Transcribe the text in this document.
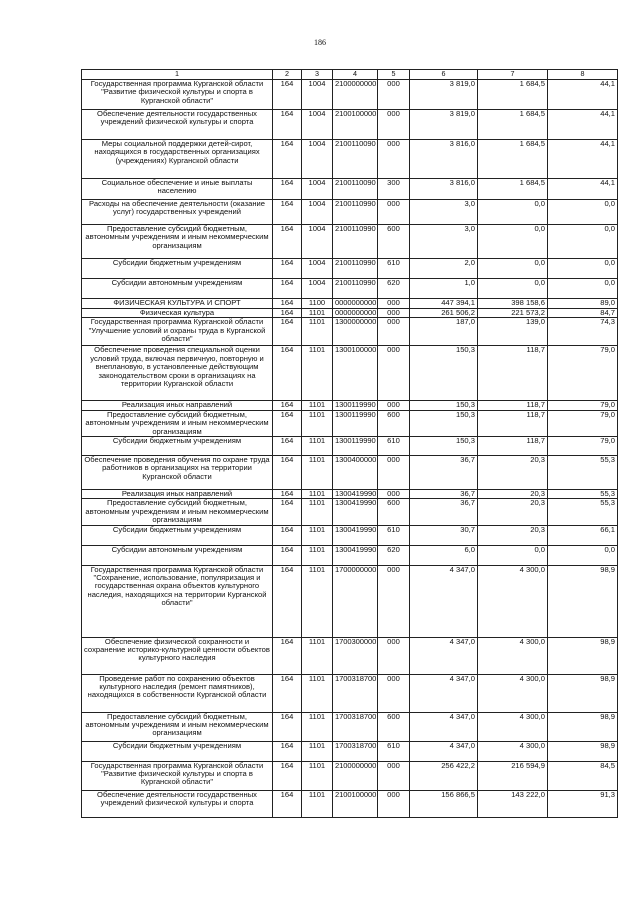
186
1	2	3	4	5	6	7	8
Государственная программа Курганской области "Развитие физической культуры и спорта в Курганской области"	164	1004	2100000000	000	3 819,0	1 684,5	44,1
Обеспечение деятельности государственных учреждений физической культуры и спорта	164	1004	2100100000	000	3 819,0	1 684,5	44,1
Меры социальной поддержки детей-сирот, находящихся в государственных организациях (учреждениях) Курганской области	164	1004	2100110090	000	3 816,0	1 684,5	44,1
Социальное обеспечение и иные выплаты населению	164	1004	2100110090	300	3 816,0	1 684,5	44,1
Расходы на обеспечение деятельности (оказание услуг) государственных учреждений	164	1004	2100110990	000	3,0	0,0	0,0
Предоставление субсидий бюджетным, автономным учреждениям и иным некоммерческим организациям	164	1004	2100110990	600	3,0	0,0	0,0
Субсидии бюджетным учреждениям	164	1004	2100110990	610	2,0	0,0	0,0
Субсидии автономным учреждениям	164	1004	2100110990	620	1,0	0,0	0,0
ФИЗИЧЕСКАЯ КУЛЬТУРА И СПОРТ	164	1100	0000000000	000	447 394,1	398 158,6	89,0
Физическая культура	164	1101	0000000000	000	261 506,2	221 573,2	84,7
Государственная программа Курганской области "Улучшение условий и охраны труда в Курганской области"	164	1101	1300000000	000	187,0	139,0	74,3
Обеспечение проведения специальной оценки условий труда, включая первичную, повторную и внеплановую, в установленные действующим законодательством сроки в организациях на территории Курганской области	164	1101	1300100000	000	150,3	118,7	79,0
Реализация иных направлений	164	1101	1300119990	000	150,3	118,7	79,0
Предоставление субсидий бюджетным, автономным учреждениям и иным некоммерческим организациям	164	1101	1300119990	600	150,3	118,7	79,0
Субсидии бюджетным учреждениям	164	1101	1300119990	610	150,3	118,7	79,0
Обеспечение проведения обучения по охране труда работников в организациях на территории Курганской области	164	1101	1300400000	000	36,7	20,3	55,3
Реализация иных направлений	164	1101	1300419990	000	36,7	20,3	55,3
Предоставление субсидий бюджетным, автономным учреждениям и иным некоммерческим организациям	164	1101	1300419990	600	36,7	20,3	55,3
Субсидии бюджетным учреждениям	164	1101	1300419990	610	30,7	20,3	66,1
Субсидии автономным учреждениям	164	1101	1300419990	620	6,0	0,0	0,0
Государственная программа Курганской области "Сохранение, использование, популяризация и государственная охрана объектов культурного наследия, находящихся на территории Курганской области"	164	1101	1700000000	000	4 347,0	4 300,0	98,9
Обеспечение физической сохранности и сохранение историко-культурной ценности объектов культурного наследия	164	1101	1700300000	000	4 347,0	4 300,0	98,9
Проведение работ по сохранению объектов культурного наследия (ремонт памятников), находящихся в собственности Курганской области	164	1101	1700318700	000	4 347,0	4 300,0	98,9
Предоставление субсидий бюджетным, автономным учреждениям и иным некоммерческим организациям	164	1101	1700318700	600	4 347,0	4 300,0	98,9
Субсидии бюджетным учреждениям	164	1101	1700318700	610	4 347,0	4 300,0	98,9
Государственная программа Курганской области "Развитие физической культуры и спорта в Курганской области"	164	1101	2100000000	000	256 422,2	216 594,9	84,5
Обеспечение деятельности государственных учреждений физической культуры и спорта	164	1101	2100100000	000	156 866,5	143 222,0	91,3
